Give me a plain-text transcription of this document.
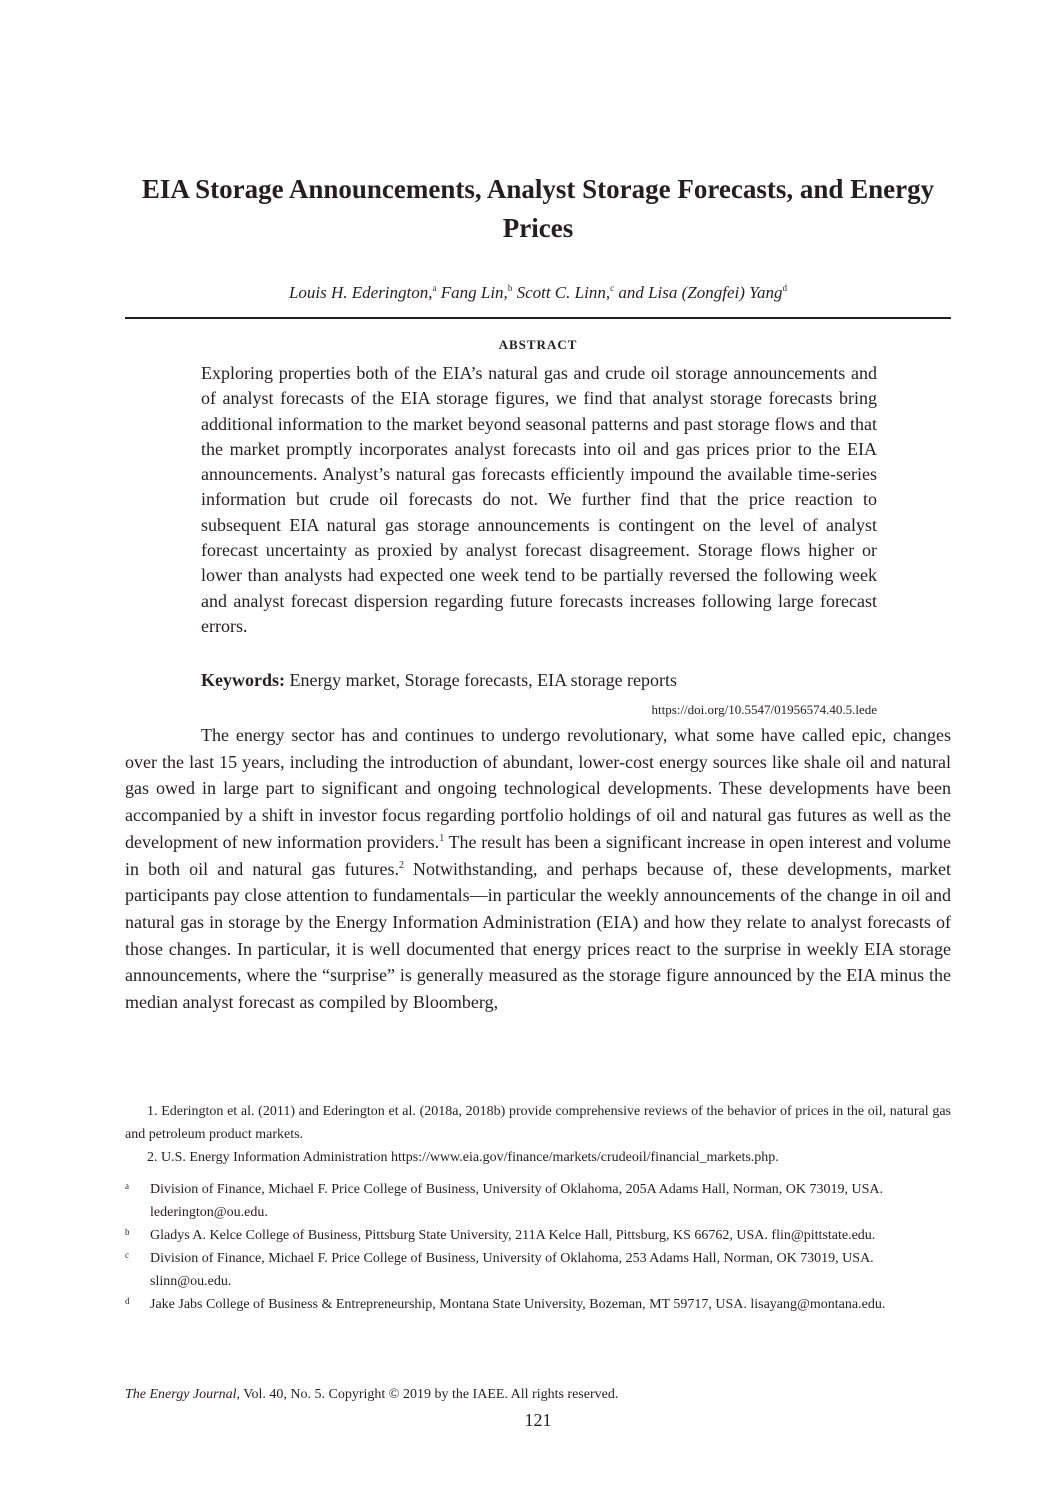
EIA Storage Announcements, Analyst Storage Forecasts, and Energy Prices
Louis H. Ederington,$^a$ Fang Lin,$^b$ Scott C. Linn,$^c$ and Lisa (Zongfei) Yang$^d$
ABSTRACT

Exploring properties both of the EIA’s natural gas and crude oil storage announcements and of analyst forecasts of the EIA storage figures, we find that analyst storage forecasts bring additional information to the market beyond seasonal patterns and past storage flows and that the market promptly incorporates analyst forecasts into oil and gas prices prior to the EIA announcements. Analyst’s natural gas forecasts efficiently impound the available time-series information but crude oil forecasts do not. We further find that the price reaction to subsequent EIA natural gas storage announcements is contingent on the level of analyst forecast uncertainty as proxied by analyst forecast disagreement. Storage flows higher or lower than analysts had expected one week tend to be partially reversed the following week and analyst forecast dispersion regarding future forecasts increases following large forecast errors.

Keywords: Energy market, Storage forecasts, EIA storage reports
https://doi.org/10.5547/01956574.40.5.lede

The energy sector has and continues to undergo revolutionary, what some have called epic, changes over the last 15 years, including the introduction of abundant, lower-cost energy sources like shale oil and natural gas owed in large part to significant and ongoing technological developments. These developments have been accompanied by a shift in investor focus regarding portfolio holdings of oil and natural gas futures as well as the development of new information providers.$^1$ The result has been a significant increase in open interest and volume in both oil and natural gas futures.$^2$ Notwithstanding, and perhaps because of, these developments, market participants pay close attention to fundamentals—in particular the weekly announcements of the change in oil and natural gas in storage by the Energy Information Administration (EIA) and how they relate to analyst forecasts of those changes. In particular, it is well documented that energy prices react to the surprise in weekly EIA storage announcements, where the “surprise” is generally measured as the storage figure announced by the EIA minus the median analyst forecast as compiled by Bloomberg,

1. Ederington et al. (2011) and Ederington et al. (2018a, 2018b) provide comprehensive reviews of the behavior of prices in the oil, natural gas and petroleum product markets.

2. U.S. Energy Information Administration https://www.eia.gov/finance/markets/crudeoil/financial_markets.php.

a Division of Finance, Michael F. Price College of Business, University of Oklahoma, 205A Adams Hall, Norman, OK 73019, USA. lederington@ou.edu.
b Gladys A. Kelce College of Business, Pittsburg State University, 211A Kelce Hall, Pittsburg, KS 66762, USA. flin@pittstate.edu.
c Division of Finance, Michael F. Price College of Business, University of Oklahoma, 253 Adams Hall, Norman, OK 73019, USA. slinn@ou.edu.
d Jake Jabs College of Business & Entrepreneurship, Montana State University, Bozeman, MT 59717, USA. lisayang@montana.edu.
The Energy Journal, Vol. 40, No. 5. Copyright © 2019 by the IAEE. All rights reserved.
121
